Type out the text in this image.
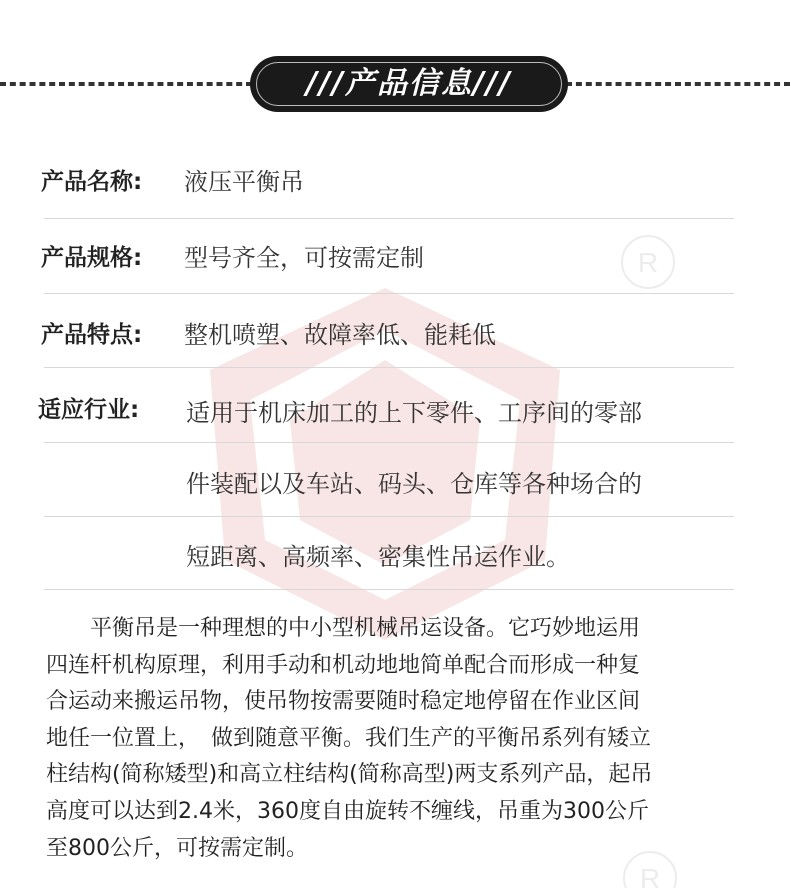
R
R
///产品信息///
产品名称: 液压平衡吊
产品规格: 型号齐全，可按需定制
产品特点: 整机喷塑、故障率低、能耗低
适应行业: 适用于机床加工的上下零件、工序间的零部
件装配以及车站、码头、仓库等各种场合的
短距离、高频率、密集性吊运作业。
　　平衡吊是一种理想的中小型机械吊运设备。它巧妙地运用
四连杆机构原理，利用手动和机动地地简单配合而形成一种复
合运动来搬运吊物，使吊物按需要随时稳定地停留在作业区间
地任一位置上，　做到随意平衡。我们生产的平衡吊系列有矮立
柱结构(简称矮型)和高立柱结构(简称高型)两支系列产品，起吊
高度可以达到2.4米，360度自由旋转不缠线，吊重为300公斤
至800公斤，可按需定制。
